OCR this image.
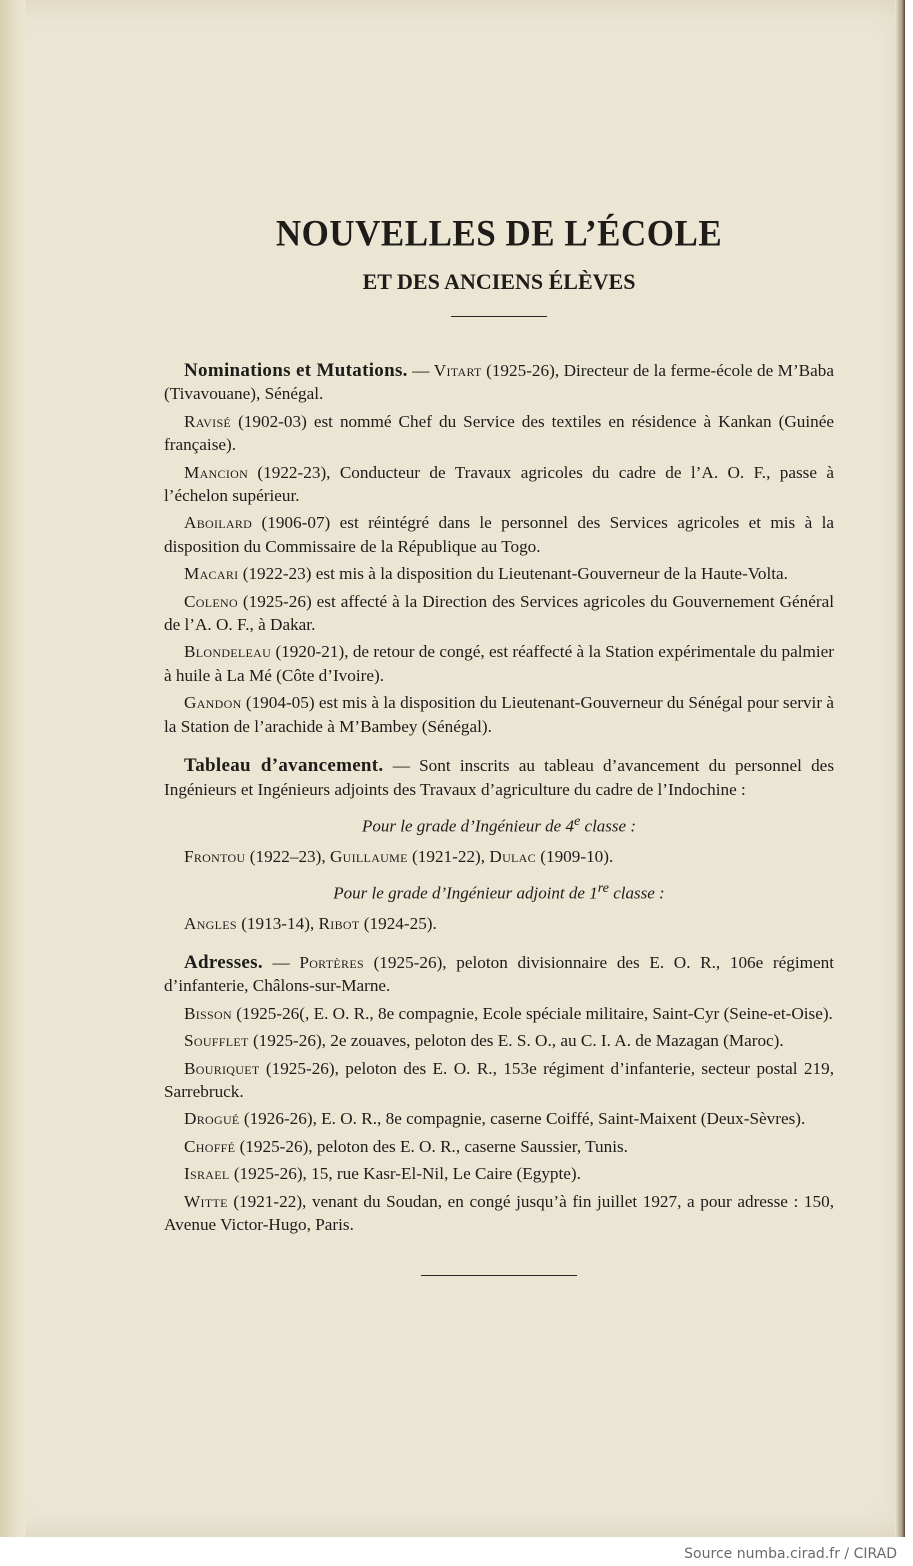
NOUVELLES DE L’ÉCOLE
ET DES ANCIENS ÉLÈVES

Nominations et Mutations. — Vitart (1925-26), Directeur de la ferme-école de M’Baba (Tivavouane), Sénégal.

Ravisé (1902-03) est nommé Chef du Service des textiles en résidence à Kankan (Guinée française).

Mancion (1922-23), Conducteur de Travaux agricoles du cadre de l’A. O. F., passe à l’échelon supérieur.

Aboilard (1906-07) est réintégré dans le personnel des Services agricoles et mis à la disposition du Commissaire de la République au Togo.

Macari (1922-23) est mis à la disposition du Lieutenant-Gouverneur de la Haute-Volta.

Coleno (1925-26) est affecté à la Direction des Services agricoles du Gouvernement Général de l’A. O. F., à Dakar.

Blondeleau (1920-21), de retour de congé, est réaffecté à la Station expérimentale du palmier à huile à La Mé (Côte d’Ivoire).

Gandon (1904-05) est mis à la disposition du Lieutenant-Gouverneur du Sénégal pour servir à la Station de l’arachide à M’Bambey (Sénégal).

Tableau d’avancement. — Sont inscrits au tableau d’avancement du personnel des Ingénieurs et Ingénieurs adjoints des Travaux d’agriculture du cadre de l’Indochine :

Pour le grade d’Ingénieur de 4e classe :

Frontou (1922–23), Guillaume (1921-22), Dulac (1909-10).

Pour le grade d’Ingénieur adjoint de 1re classe :

Angles (1913-14), Ribot (1924-25).

Adresses. — Portères (1925-26), peloton divisionnaire des E. O. R., 106e régiment d’infanterie, Châlons-sur-Marne.

Bisson (1925-26(, E. O. R., 8e compagnie, Ecole spéciale militaire, Saint-Cyr (Seine-et-Oise).

Soufflet (1925-26), 2e zouaves, peloton des E. S. O., au C. I. A. de Mazagan (Maroc).

Bouriquet (1925-26), peloton des E. O. R., 153e régiment d’infanterie, secteur postal 219, Sarrebruck.

Drogué (1926-26), E. O. R., 8e compagnie, caserne Coiffé, Saint-Maixent (Deux-Sèvres).

Choffé (1925-26), peloton des E. O. R., caserne Saussier, Tunis.

Israel (1925-26), 15, rue Kasr-El-Nil, Le Caire (Egypte).

Witte (1921-22), venant du Soudan, en congé jusqu’à fin juillet 1927, a pour adresse : 150, Avenue Victor-Hugo, Paris.

Source numba.cirad.fr / CIRAD
